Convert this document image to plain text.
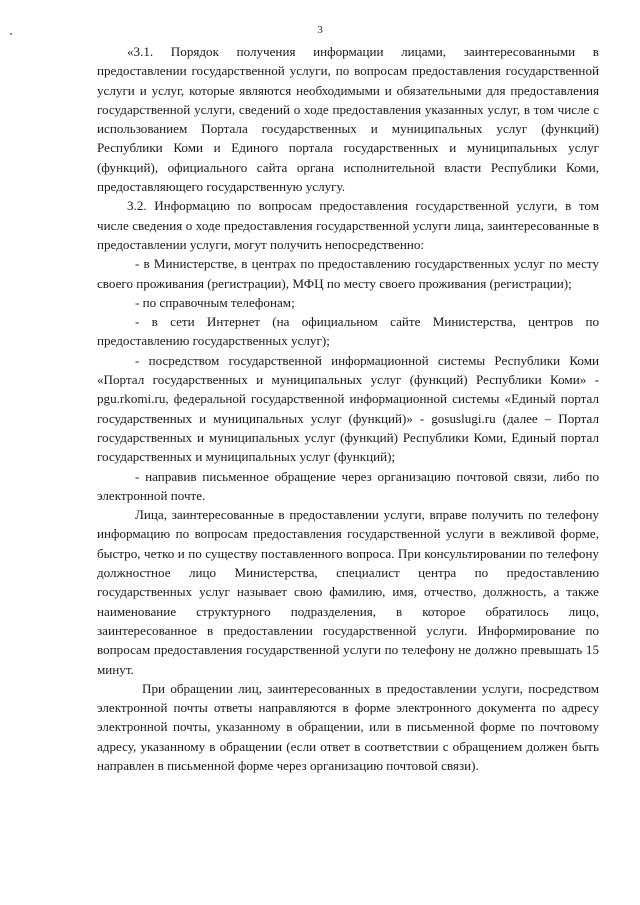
3

«3.1. Порядок получения информации лицами, заинтересованными в предоставлении государственной услуги, по вопросам предоставления государственной услуги и услуг, которые являются необходимыми и обязательными для предоставления государственной услуги, сведений о ходе предоставления указанных услуг, в том числе с использованием Портала государственных и муниципальных услуг (функций) Республики Коми и Единого портала государственных и муниципальных услуг (функций), официального сайта органа исполнительной власти Республики Коми, предоставляющего государственную услугу.

3.2. Информацию по вопросам предоставления государственной услуги, в том числе сведения о ходе предоставления государственной услуги лица, заинтересованные в предоставлении услуги, могут получить непосредственно:

- в Министерстве, в центрах по предоставлению государственных услуг по месту своего проживания (регистрации), МФЦ по месту своего проживания (регистрации);

- по справочным телефонам;

- в сети Интернет (на официальном сайте Министерства, центров по предоставлению государственных услуг);

- посредством государственной информационной системы Республики Коми «Портал государственных и муниципальных услуг (функций) Республики Коми» - pgu.rkomi.ru, федеральной государственной информационной системы «Единый портал государственных и муниципальных услуг (функций)» - gosuslugi.ru (далее – Портал государственных и муниципальных услуг (функций) Республики Коми, Единый портал государственных и муниципальных услуг (функций);

- направив письменное обращение через организацию почтовой связи, либо по электронной почте.

Лица, заинтересованные в предоставлении услуги, вправе получить по телефону информацию по вопросам предоставления государственной услуги в вежливой форме, быстро, четко и по существу поставленного вопроса. При консультировании по телефону должностное лицо Министерства, специалист центра по предоставлению государственных услуг называет свою фамилию, имя, отчество, должность, а также наименование структурного подразделения, в которое обратилось лицо, заинтересованное в предоставлении государственной услуги. Информирование по вопросам предоставления государственной услуги по телефону не должно превышать 15 минут.

При обращении лиц, заинтересованных в предоставлении услуги, посредством электронной почты ответы направляются в форме электронного документа по адресу электронной почты, указанному в обращении, или в письменной форме по почтовому адресу, указанному в обращении (если ответ в соответствии с обращением должен быть направлен в письменной форме через организацию почтовой связи).
